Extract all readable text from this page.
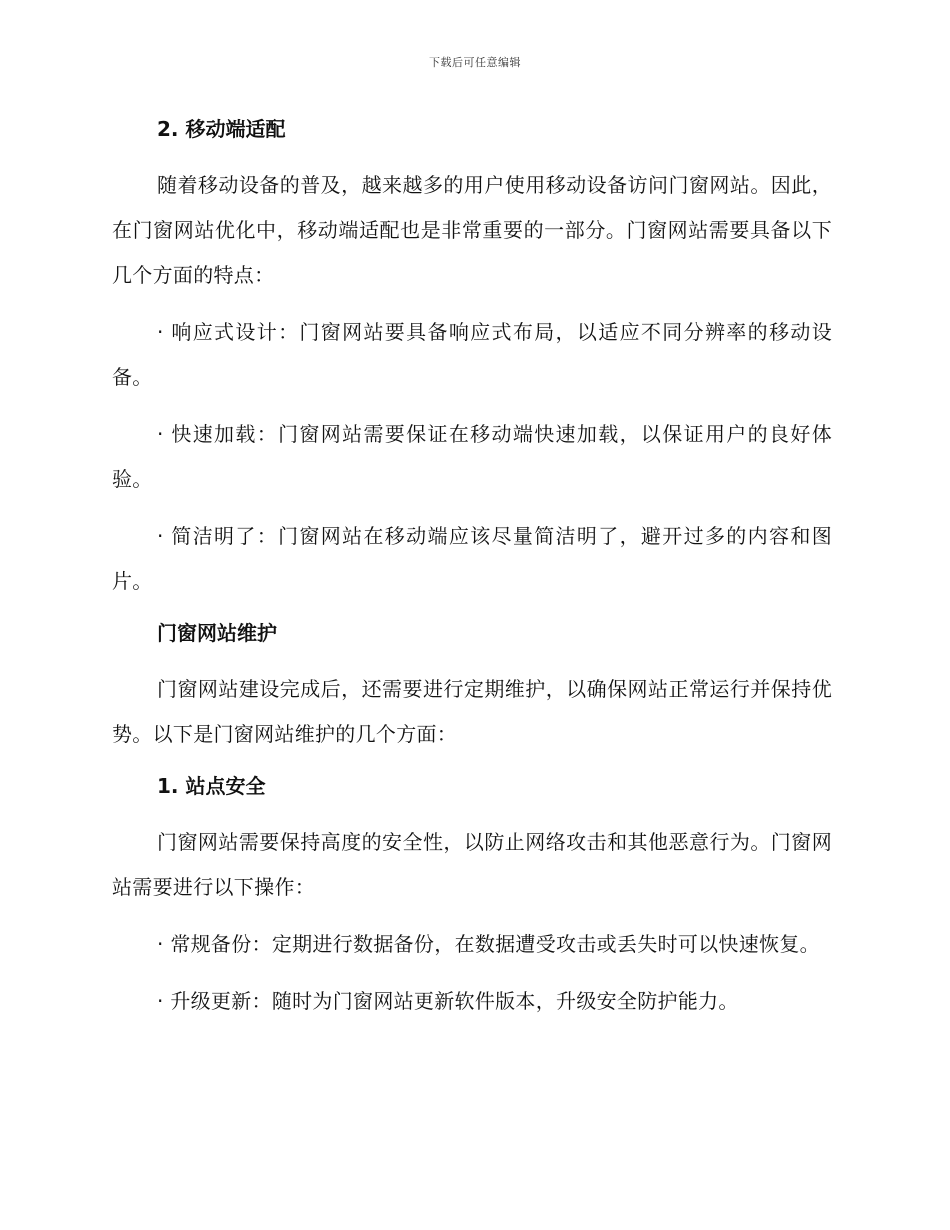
下载后可任意编辑
2. 移动端适配
随着移动设备的普及，越来越多的用户使用移动设备访问门窗网站。因此，在门窗网站优化中，移动端适配也是非常重要的一部分。门窗网站需要具备以下几个方面的特点：
· 响应式设计：门窗网站要具备响应式布局，以适应不同分辨率的移动设备。
· 快速加载：门窗网站需要保证在移动端快速加载，以保证用户的良好体验。
· 简洁明了：门窗网站在移动端应该尽量简洁明了，避开过多的内容和图片。
门窗网站维护
门窗网站建设完成后，还需要进行定期维护，以确保网站正常运行并保持优势。以下是门窗网站维护的几个方面：
1. 站点安全
门窗网站需要保持高度的安全性，以防止网络攻击和其他恶意行为。门窗网站需要进行以下操作：
· 常规备份：定期进行数据备份，在数据遭受攻击或丢失时可以快速恢复。
· 升级更新：随时为门窗网站更新软件版本，升级安全防护能力。
